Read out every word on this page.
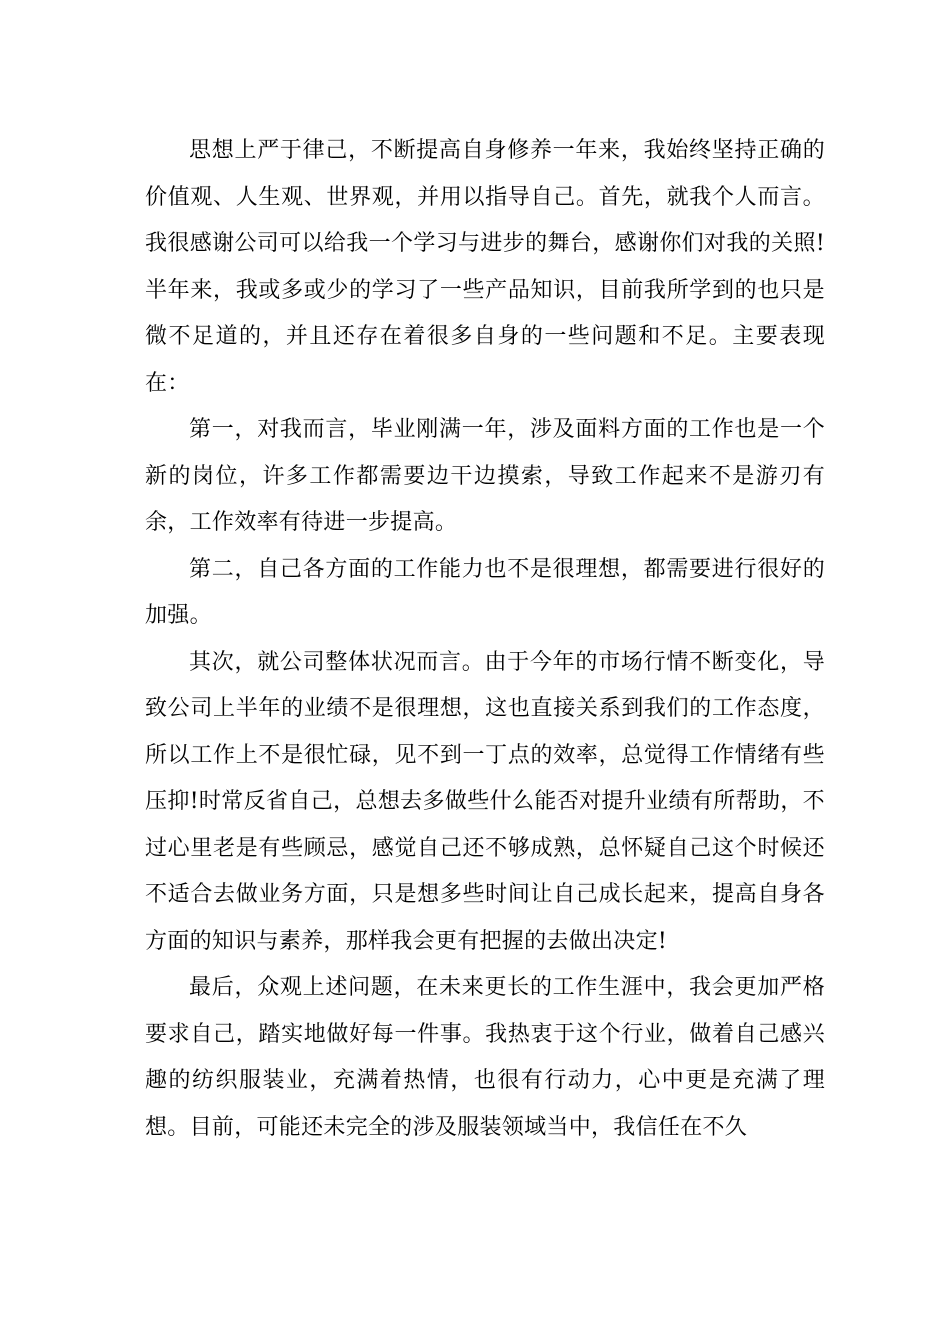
思想上严于律己，不断提高自身修养一年来，我始终坚持正确的价值观、人生观、世界观，并用以指导自己。首先，就我个人而言。我很感谢公司可以给我一个学习与进步的舞台，感谢你们对我的关照!半年来，我或多或少的学习了一些产品知识，目前我所学到的也只是微不足道的，并且还存在着很多自身的一些问题和不足。主要表现在：

第一，对我而言，毕业刚满一年，涉及面料方面的工作也是一个新的岗位，许多工作都需要边干边摸索，导致工作起来不是游刃有余，工作效率有待进一步提高。

第二，自己各方面的工作能力也不是很理想，都需要进行很好的加强。

其次，就公司整体状况而言。由于今年的市场行情不断变化，导致公司上半年的业绩不是很理想，这也直接关系到我们的工作态度，所以工作上不是很忙碌，见不到一丁点的效率，总觉得工作情绪有些压抑!时常反省自己，总想去多做些什么能否对提升业绩有所帮助，不过心里老是有些顾忌，感觉自己还不够成熟，总怀疑自己这个时候还不适合去做业务方面，只是想多些时间让自己成长起来，提高自身各方面的知识与素养，那样我会更有把握的去做出决定!

最后，众观上述问题，在未来更长的工作生涯中，我会更加严格要求自己，踏实地做好每一件事。我热衷于这个行业，做着自己感兴趣的纺织服装业，充满着热情，也很有行动力，心中更是充满了理想。目前，可能还未完全的涉及服装领域当中，我信任在不久
